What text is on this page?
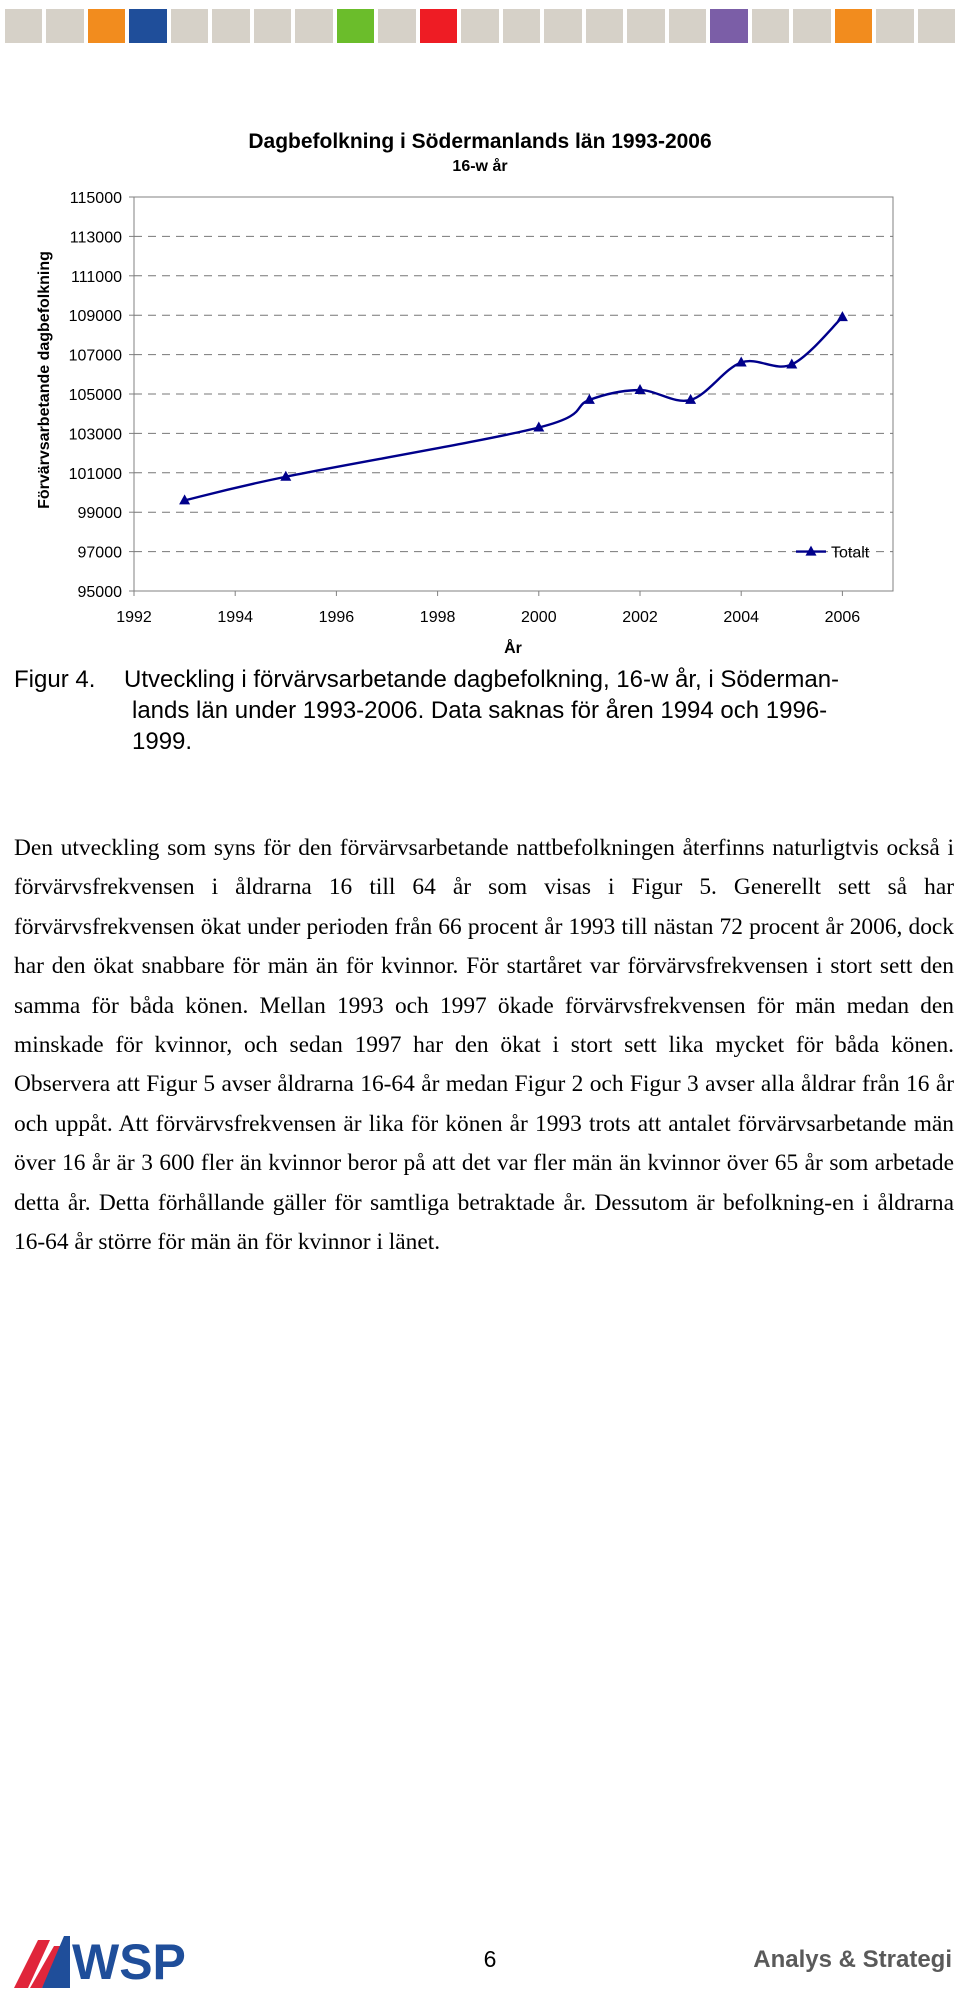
Dagbefolkning i Södermanlands län 1993-2006
16-w år
Förvärvsarbetande dagbefolkning
År
95000
97000
99000
101000
103000
105000
107000
109000
111000
113000
115000
1992	1994	1996	1998	2000	2002	2004	2006
Totalt
Figur 4. Utveckling i förvärvsarbetande dagbefolkning, 16-w år, i Söderman-
lands län under 1993-2006. Data saknas för åren 1994 och 1996-
1999.
Den utveckling som syns för den förvärvsarbetande nattbefolkningen återfinns naturligtvis också i förvärvsfrekvensen i åldrarna 16 till 64 år som visas i Figur 5. Generellt sett så har förvärvsfrekvensen ökat under perioden från 66 procent år 1993 till nästan 72 procent år 2006, dock har den ökat snabbare för män än för kvinnor. För startåret var förvärvsfrekvensen i stort sett den samma för båda könen. Mellan 1993 och 1997 ökade förvärvsfrekvensen för män medan den minskade för kvinnor, och sedan 1997 har den ökat i stort sett lika mycket för båda könen. Observera att Figur 5 avser åldrarna 16-64 år medan Figur 2 och Figur 3 avser alla åldrar från 16 år och uppåt. Att förvärvsfrekvensen är lika för könen år 1993 trots att antalet förvärvsarbetande män över 16 år är 3 600 fler än kvinnor beror på att det var fler män än kvinnor över 65 år som arbetade detta år. Detta förhållande gäller för samtliga betraktade år. Dessutom är befolkning-en i åldrarna 16-64 år större för män än för kvinnor i länet.
WSP	6	Analys & Strategi
